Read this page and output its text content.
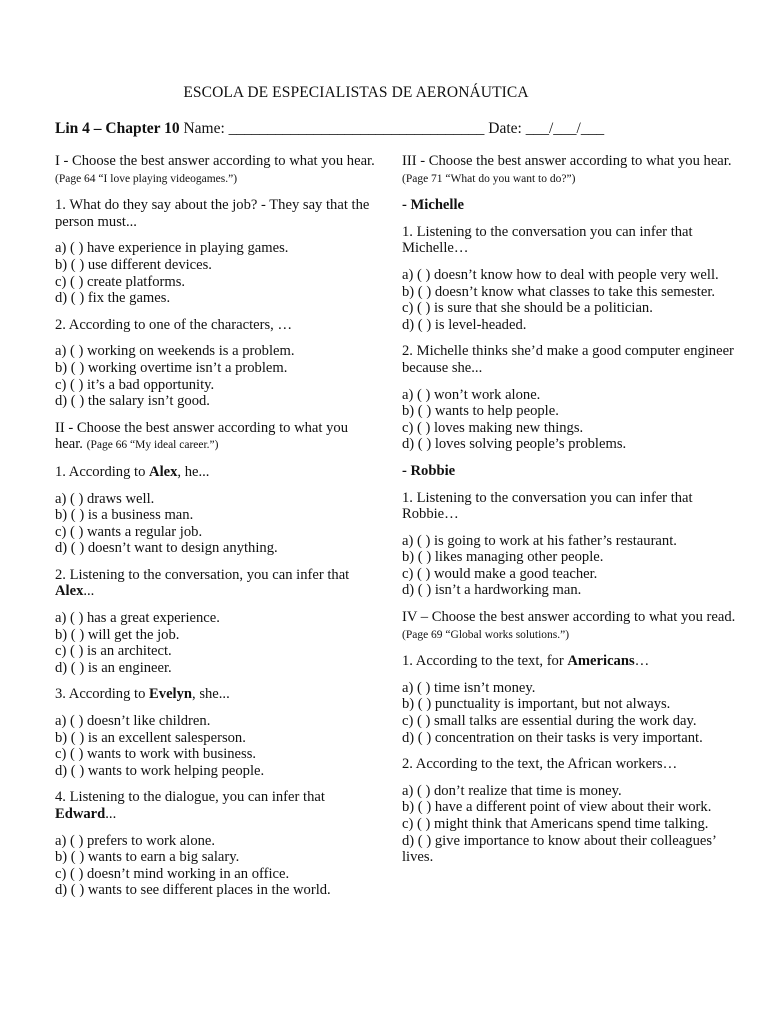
ESCOLA DE ESPECIALISTAS DE AERONÁUTICA
Lin 4 – Chapter 10 Name: _________________________________ Date: ___/___/___
I - Choose the best answer according to what you hear. (Page 64 “I love playing videogames.”)
1. What do they say about the job? - They say that the person must...
a) ( ) have experience in playing games.
b) ( ) use different devices.
c) ( ) create platforms.
d) ( ) fix the games.
2. According to one of the characters, …
a) ( ) working on weekends is a problem.
b) ( ) working overtime isn’t a problem.
c) ( ) it’s a bad opportunity.
d) ( ) the salary isn’t good.
II - Choose the best answer according to what you hear. (Page 66 “My ideal career.”)
1. According to Alex, he...
a) ( ) draws well.
b) ( ) is a business man.
c) ( ) wants a regular job.
d) ( ) doesn’t want to design anything.
2. Listening to the conversation, you can infer that Alex...
a) ( ) has a great experience.
b) ( ) will get the job.
c) ( ) is an architect.
d) ( ) is an engineer.
3. According to Evelyn, she...
a) ( ) doesn’t like children.
b) ( ) is an excellent salesperson.
c) ( ) wants to work with business.
d) ( ) wants to work helping people.
4. Listening to the dialogue, you can infer that Edward...
a) ( ) prefers to work alone.
b) ( ) wants to earn a big salary.
c) ( ) doesn’t mind working in an office.
d) ( ) wants to see different places in the world.
III - Choose the best answer according to what you hear. (Page 71 “What do you want to do?”)
- Michelle
1. Listening to the conversation you can infer that Michelle…
a) ( ) doesn’t know how to deal with people very well.
b) ( ) doesn’t know what classes to take this semester.
c) ( ) is sure that she should be a politician.
d) ( ) is level-headed.
2. Michelle thinks she’d make a good computer engineer because she...
a) ( ) won’t work alone.
b) ( ) wants to help people.
c) ( ) loves making new things.
d) ( ) loves solving people’s problems.
- Robbie
1. Listening to the conversation you can infer that Robbie…
a) ( ) is going to work at his father’s restaurant.
b) ( ) likes managing other people.
c) ( ) would make a good teacher.
d) ( ) isn’t a hardworking man.
IV – Choose the best answer according to what you read. (Page 69 “Global works solutions.”)
1. According to the text, for Americans…
a) ( ) time isn’t money.
b) ( ) punctuality is important, but not always.
c) ( ) small talks are essential during the work day.
d) ( ) concentration on their tasks is very important.
2. According to the text, the African workers…
a) ( ) don’t realize that time is money.
b) ( ) have a different point of view about their work.
c) ( ) might think that Americans spend time talking.
d) ( ) give importance to know about their colleagues’ lives.
